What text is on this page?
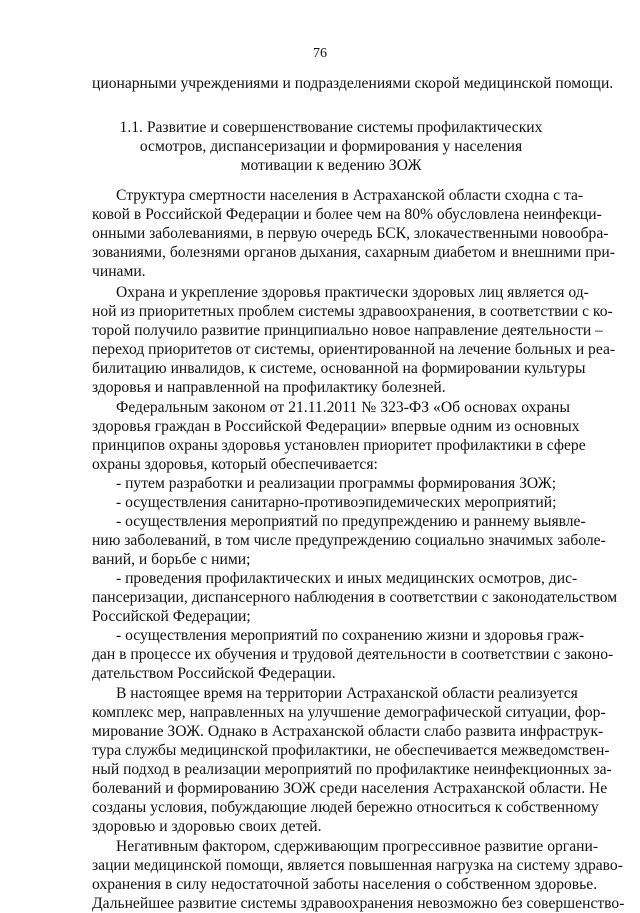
76
ционарными учреждениями и подразделениями скорой медицинской помощи.
1.1. Развитие и совершенствование системы профилактических
осмотров, диспансеризации и формирования у населения
мотивации к ведению ЗОЖ
Структура смертности населения в Астраханской области сходна с та-
ковой в Российской Федерации и более чем на 80% обусловлена неинфекци-
онными заболеваниями, в первую очередь БСК, злокачественными новообра-
зованиями, болезнями органов дыхания, сахарным диабетом и внешними при-
чинами.
Охрана и укрепление здоровья практически здоровых лиц является од-
ной из приоритетных проблем системы здравоохранения, в соответствии с ко-
торой получило развитие принципиально новое направление деятельности –
переход приоритетов от системы, ориентированной на лечение больных и реа-
билитацию инвалидов, к системе, основанной на формировании культуры
здоровья и направленной на профилактику болезней.
Федеральным законом от 21.11.2011 № 323-ФЗ «Об основах охраны
здоровья граждан в Российской Федерации» впервые одним из основных
принципов охраны здоровья установлен приоритет профилактики в сфере
охраны здоровья, который обеспечивается:
- путем разработки и реализации программы формирования ЗОЖ;
- осуществления санитарно-противоэпидемических мероприятий;
- осуществления мероприятий по предупреждению и раннему выявле-
нию заболеваний, в том числе предупреждению социально значимых заболе-
ваний, и борьбе с ними;
- проведения профилактических и иных медицинских осмотров, дис-
пансеризации, диспансерного наблюдения в соответствии с законодательством
Российской Федерации;
- осуществления мероприятий по сохранению жизни и здоровья граж-
дан в процессе их обучения и трудовой деятельности в соответствии с законо-
дательством Российской Федерации.
В настоящее время на территории Астраханской области реализуется
комплекс мер, направленных на улучшение демографической ситуации, фор-
мирование ЗОЖ. Однако в Астраханской области слабо развита инфраструк-
тура службы медицинской профилактики, не обеспечивается межведомствен-
ный подход в реализации мероприятий по профилактике неинфекционных за-
болеваний и формированию ЗОЖ среди населения Астраханской области. Не
созданы условия, побуждающие людей бережно относиться к собственному
здоровью и здоровью своих детей.
Негативным фактором, сдерживающим прогрессивное развитие органи-
зации медицинской помощи, является повышенная нагрузка на систему здраво-
охранения в силу недостаточной заботы населения о собственном здоровье.
Дальнейшее развитие системы здравоохранения невозможно без совершенство-
